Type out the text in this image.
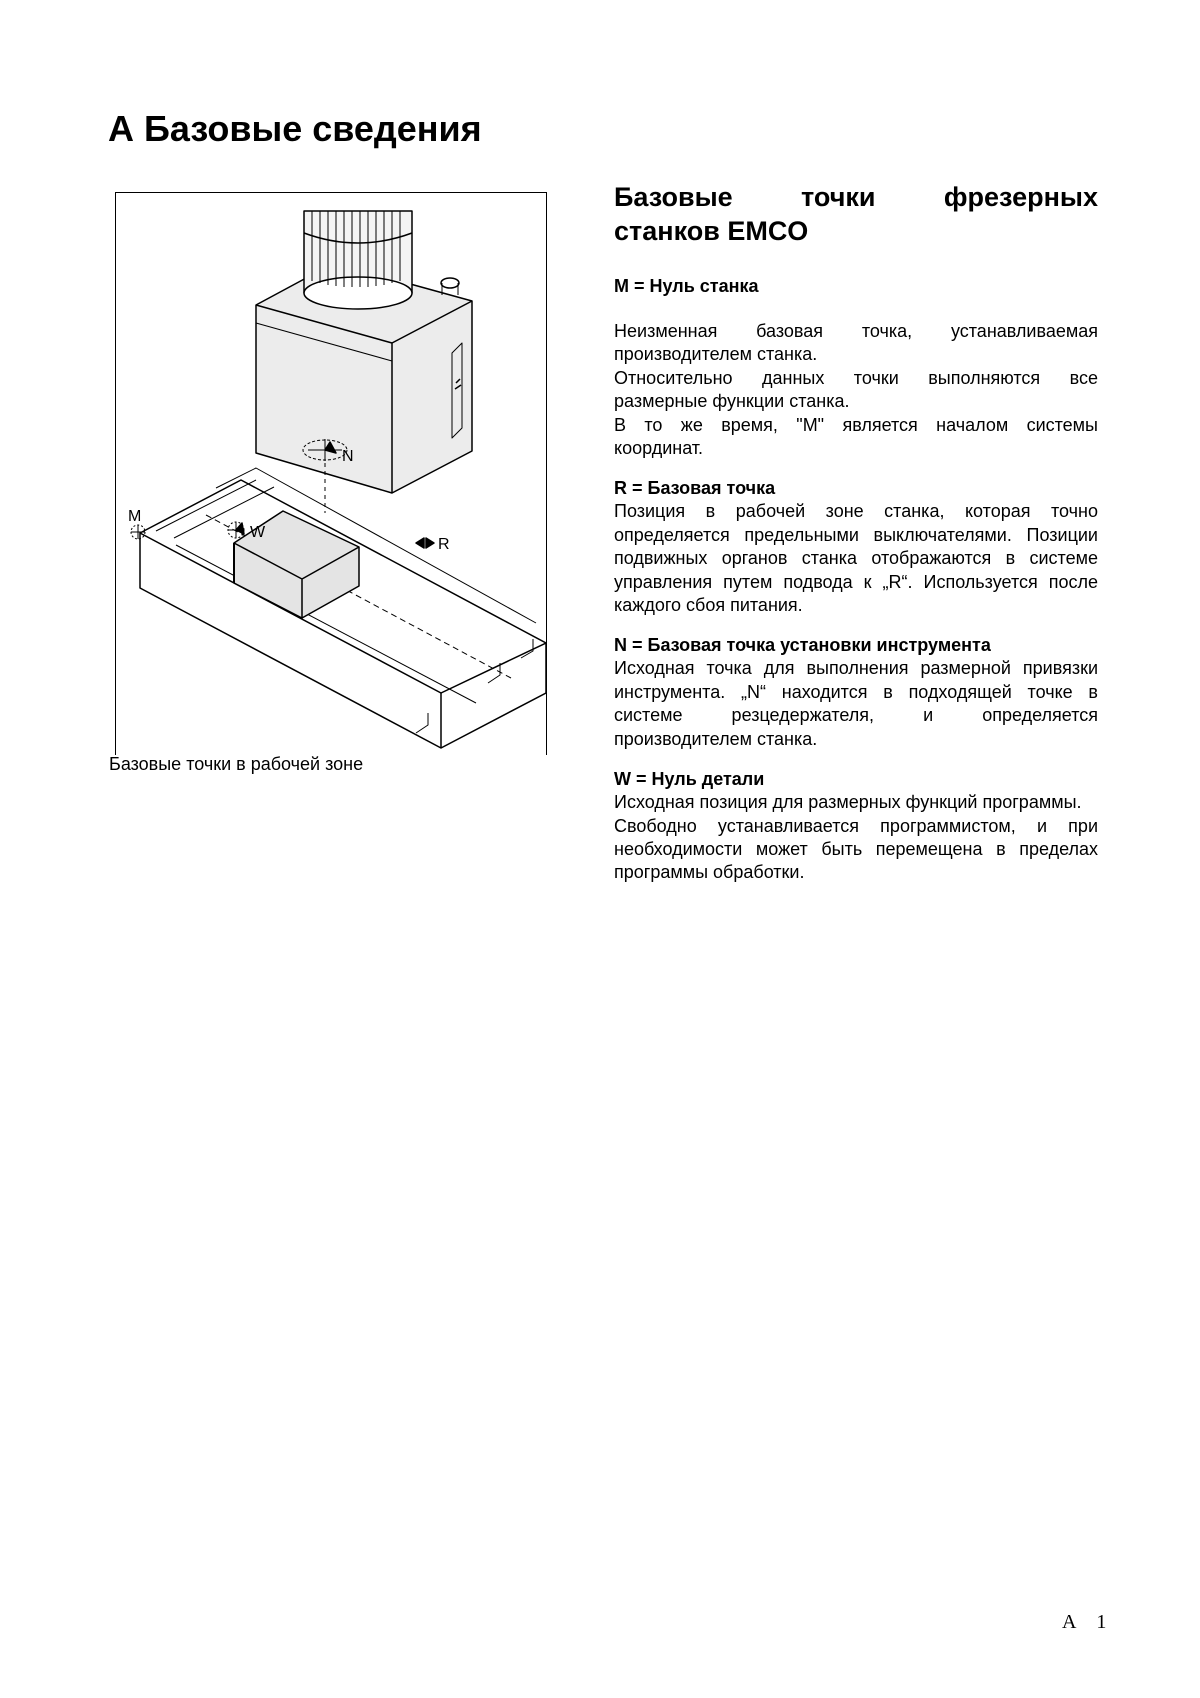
А Базовые сведения
M
W
N
R
Базовые точки в рабочей зоне
Базовые	точки	фрезерных
станков EMCO

M = Нуль станка

Неизменная базовая точка, устанавливаемая производителем станка.

Относительно данных точки выполняются все размерные функции станка.

В то же время, "M" является началом системы координат.

R = Базовая точка

Позиция в рабочей зоне станка, которая точно определяется предельными выключателями. Позиции подвижных органов станка отображаются в системе управления путем подвода к „R“. Используется после каждого сбоя питания.

N = Базовая точка установки инструмента

Исходная точка для выполнения размерной привязки инструмента. „N“ находится в подходящей точке в системе резцедержателя, и определяется производителем станка.

W = Нуль детали

Исходная позиция для размерных функций программы.

Свободно устанавливается программистом, и при необходимости может быть перемещена в пределах программы обработки.

A 1
